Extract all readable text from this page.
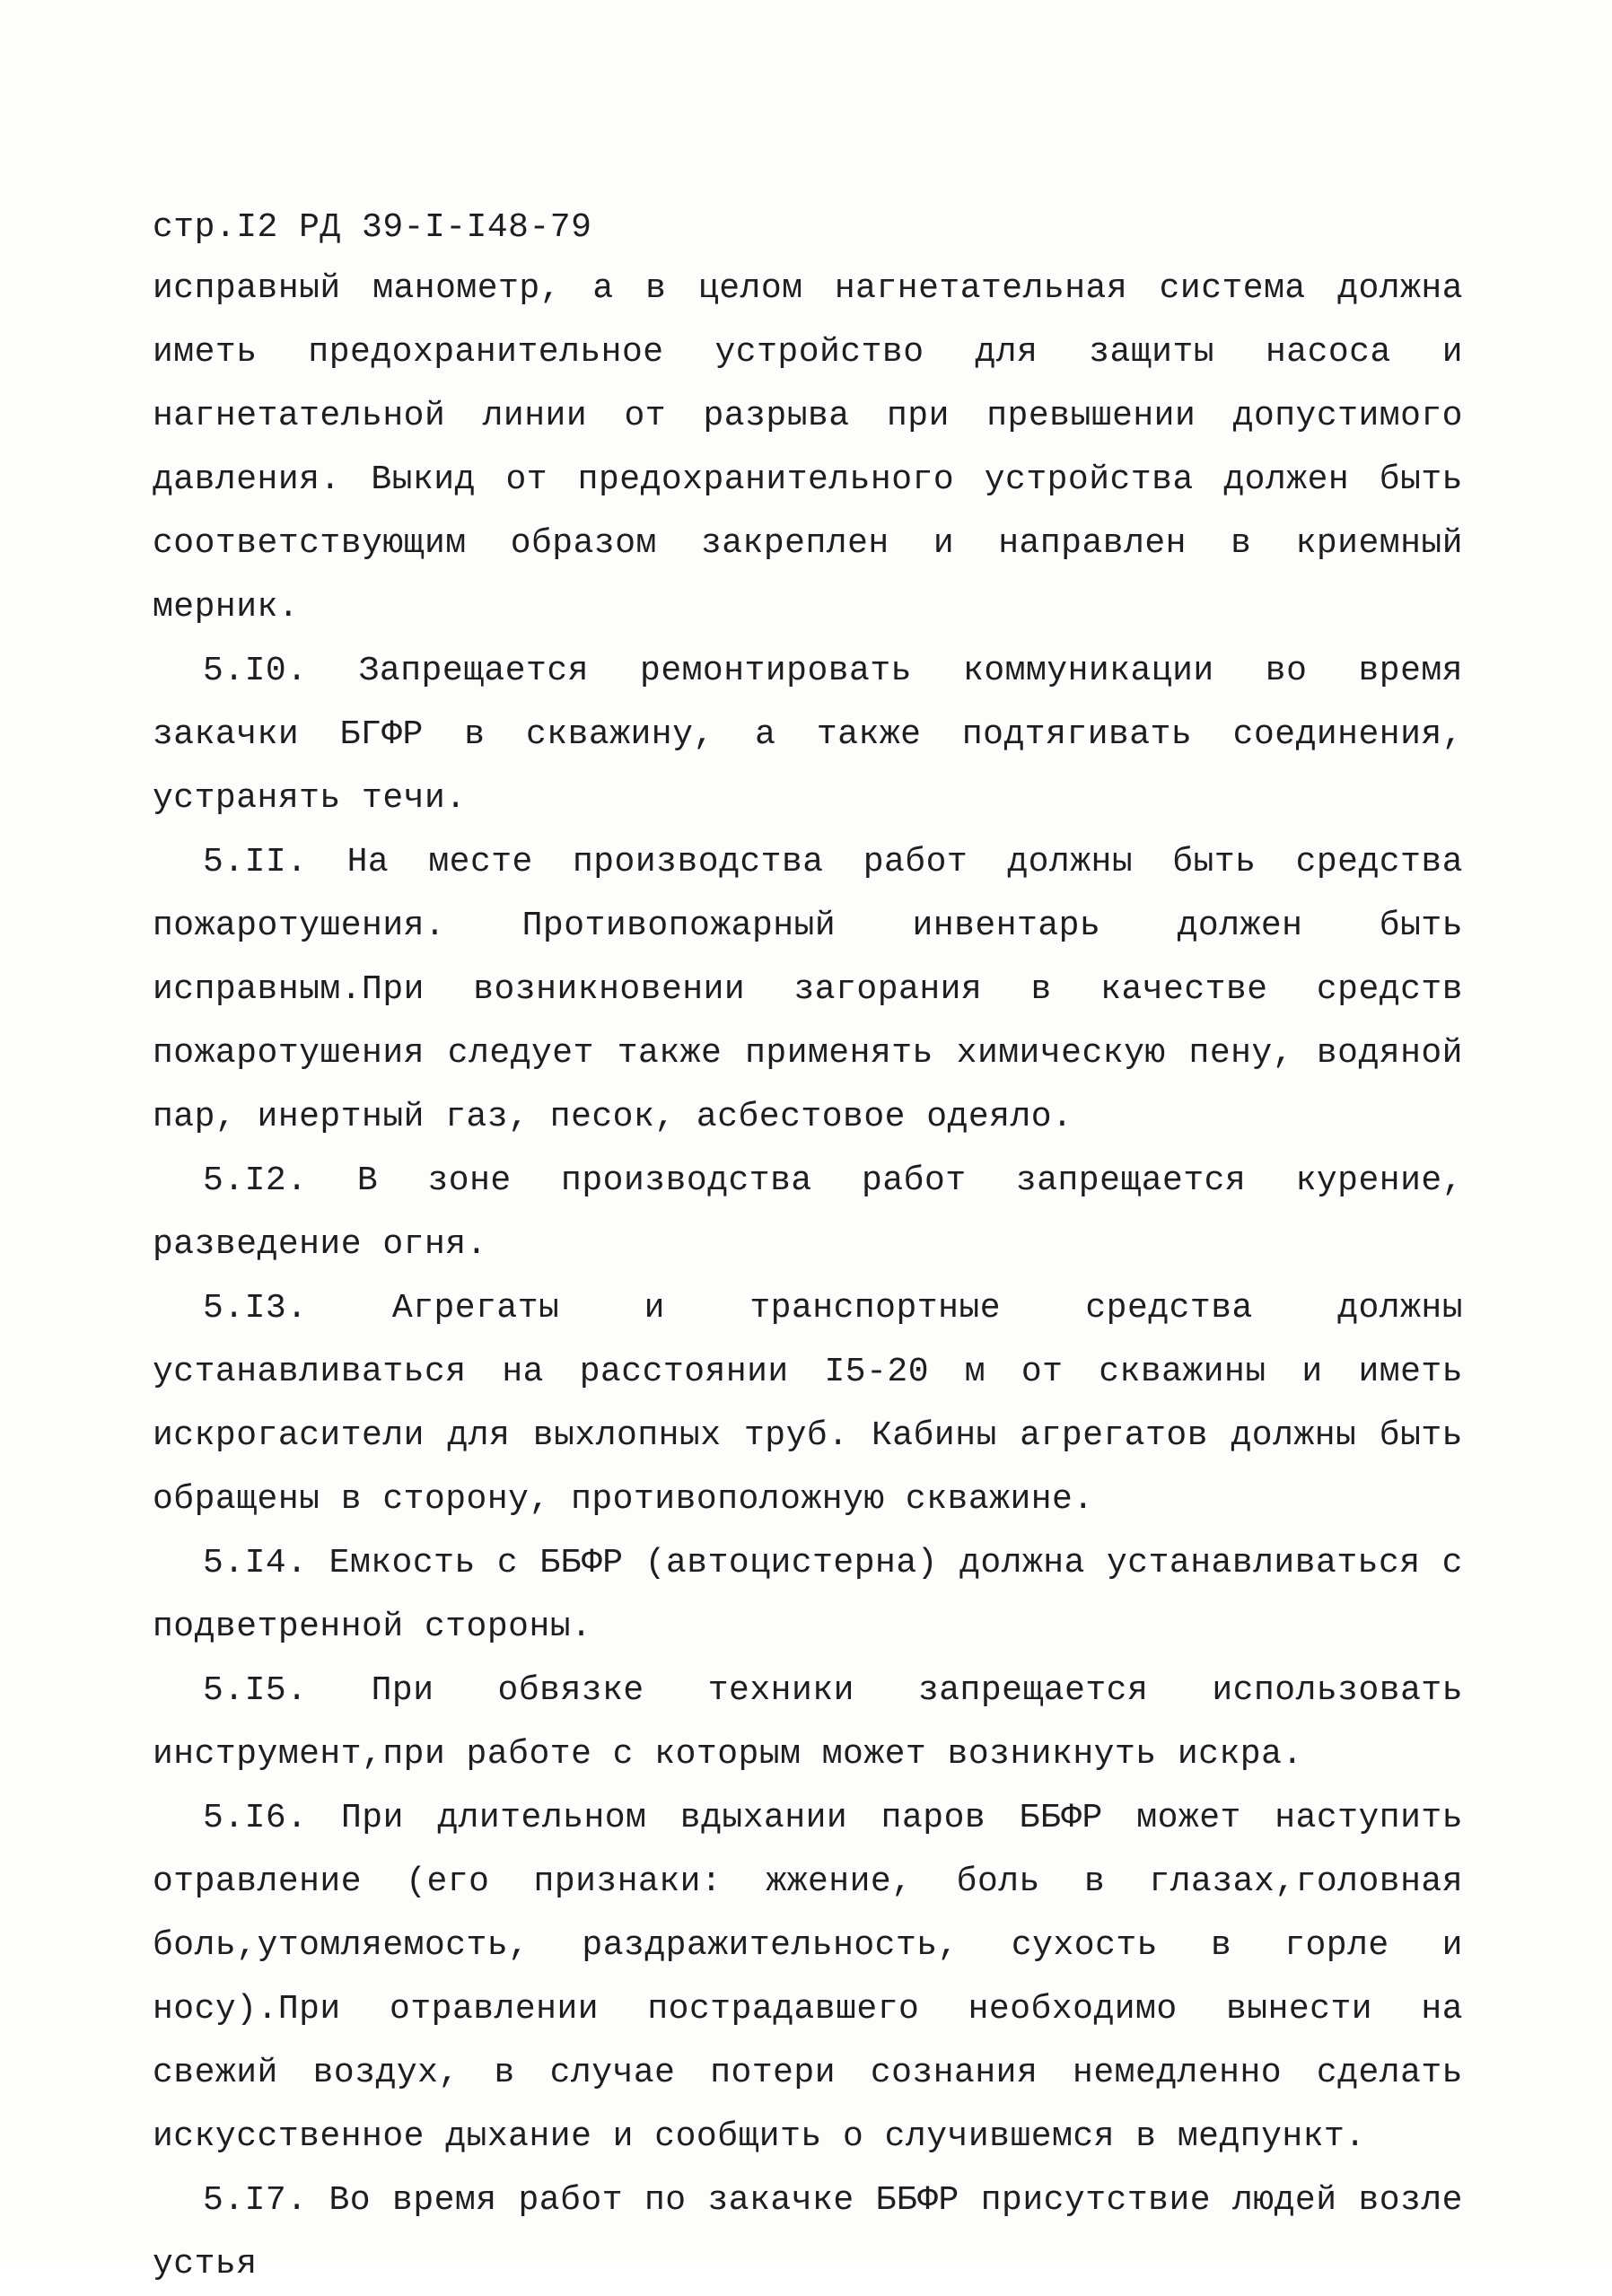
стр.I2 РД 39-I-I48-79

исправный манометр, а в целом нагнетательная система должна иметь предохранительное устройство для защиты насоса и нагнетательной линии от разрыва при превышении допустимого давления. Выкид от предохранительного устройства должен быть соответствующим образом закреплен и направлен в криемный мерник.

5.I0. Запрещается ремонтировать коммуникации во время закачки БГФР в скважину, а также подтягивать соединения, устранять течи.

5.II. На месте производства работ должны быть средства пожаротушения. Противопожарный инвентарь должен быть исправным.При возникновении загорания в качестве средств пожаротушения следует также применять химическую пену, водяной пар, инертный газ, песок, асбестовое одеяло.

5.I2. В зоне производства работ запрещается курение, разведение огня.

5.I3. Агрегаты и транспортные средства должны устанавливаться на расстоянии I5-20 м от скважины и иметь искрогасители для выхлопных труб. Кабины агрегатов должны быть обращены в сторону, противоположную скважине.

5.I4. Емкость с ББФР (автоцистерна) должна устанавливаться с подветренной стороны.

5.I5. При обвязке техники запрещается использовать инструмент,при работе с которым может возникнуть искра.

5.I6. При длительном вдыхании паров ББФР может наступить отравление (его признаки: жжение, боль в глазах,головная боль,утомляемость, раздражительность, сухость в горле и носу).При отравлении пострадавшего необходимо вынести на свежий воздух, в случае потери сознания немедленно сделать искусственное дыхание и сообщить о случившемся в медпункт.

5.I7. Во время работ по закачке ББФР присутствие людей возле устья
